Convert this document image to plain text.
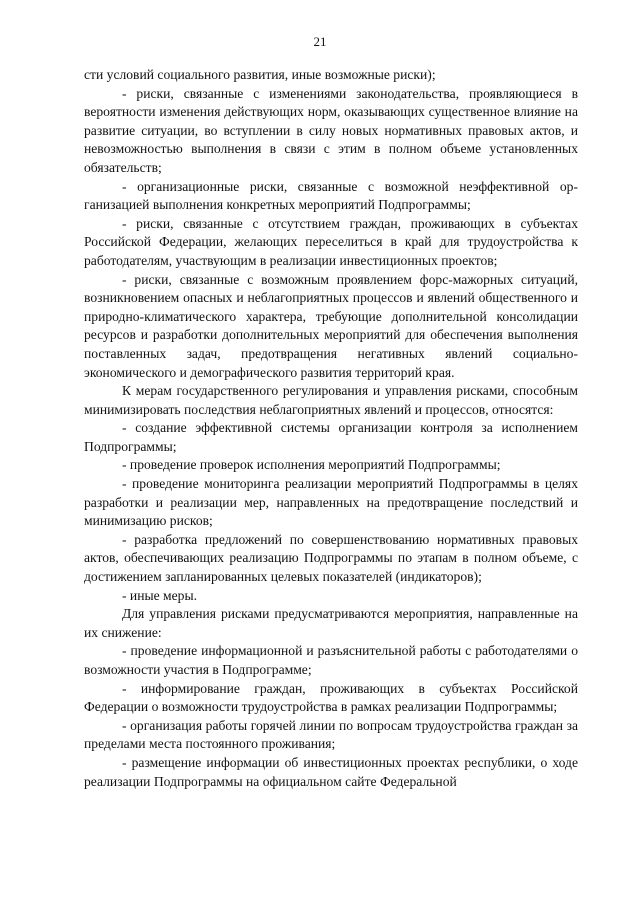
21

сти условий социального развития, иные возможные риски);

- риски, связанные с изменениями законодательства, проявляющиеся в вероятности изменения действующих норм, оказывающих существенное влияние на развитие ситуации, во вступлении в силу новых нормативных правовых актов, и невозможностью выполнения в связи с этим в полном объеме установленных обязательств;

- организационные риски, связанные с возможной неэффективной организацией выполнения конкретных мероприятий Подпрограммы;

- риски, связанные с отсутствием граждан, проживающих в субъектах Российской Федерации, желающих переселиться в край для трудоустройства к работодателям, участвующим в реализации инвестиционных проектов;

- риски, связанные с возможным проявлением форс-мажорных ситуаций, возникновением опасных и неблагоприятных процессов и явлений общественного и природно-климатического характера, требующие дополнительной консолидации ресурсов и разработки дополнительных мероприятий для обеспечения выполнения поставленных задач, предотвращения негативных явлений социально-экономического и демографического развития территорий края.

К мерам государственного регулирования и управления рисками, способным минимизировать последствия неблагоприятных явлений и процессов, относятся:

- создание эффективной системы организации контроля за исполнением Подпрограммы;

- проведение проверок исполнения мероприятий Подпрограммы;

- проведение мониторинга реализации мероприятий Подпрограммы в целях разработки и реализации мер, направленных на предотвращение последствий и минимизацию рисков;

- разработка предложений по совершенствованию нормативных правовых актов, обеспечивающих реализацию Подпрограммы по этапам в полном объеме, с достижением запланированных целевых показателей (индикаторов);

- иные меры.

Для управления рисками предусматриваются мероприятия, направленные на их снижение:

- проведение информационной и разъяснительной работы с работодателями о возможности участия в Подпрограмме;

- информирование граждан, проживающих в субъектах Российской Федерации о возможности трудоустройства в рамках реализации Подпрограммы;

- организация работы горячей линии по вопросам трудоустройства граждан за пределами места постоянного проживания;

- размещение информации об инвестиционных проектах республики, о ходе реализации Подпрограммы на официальном сайте Федеральной
